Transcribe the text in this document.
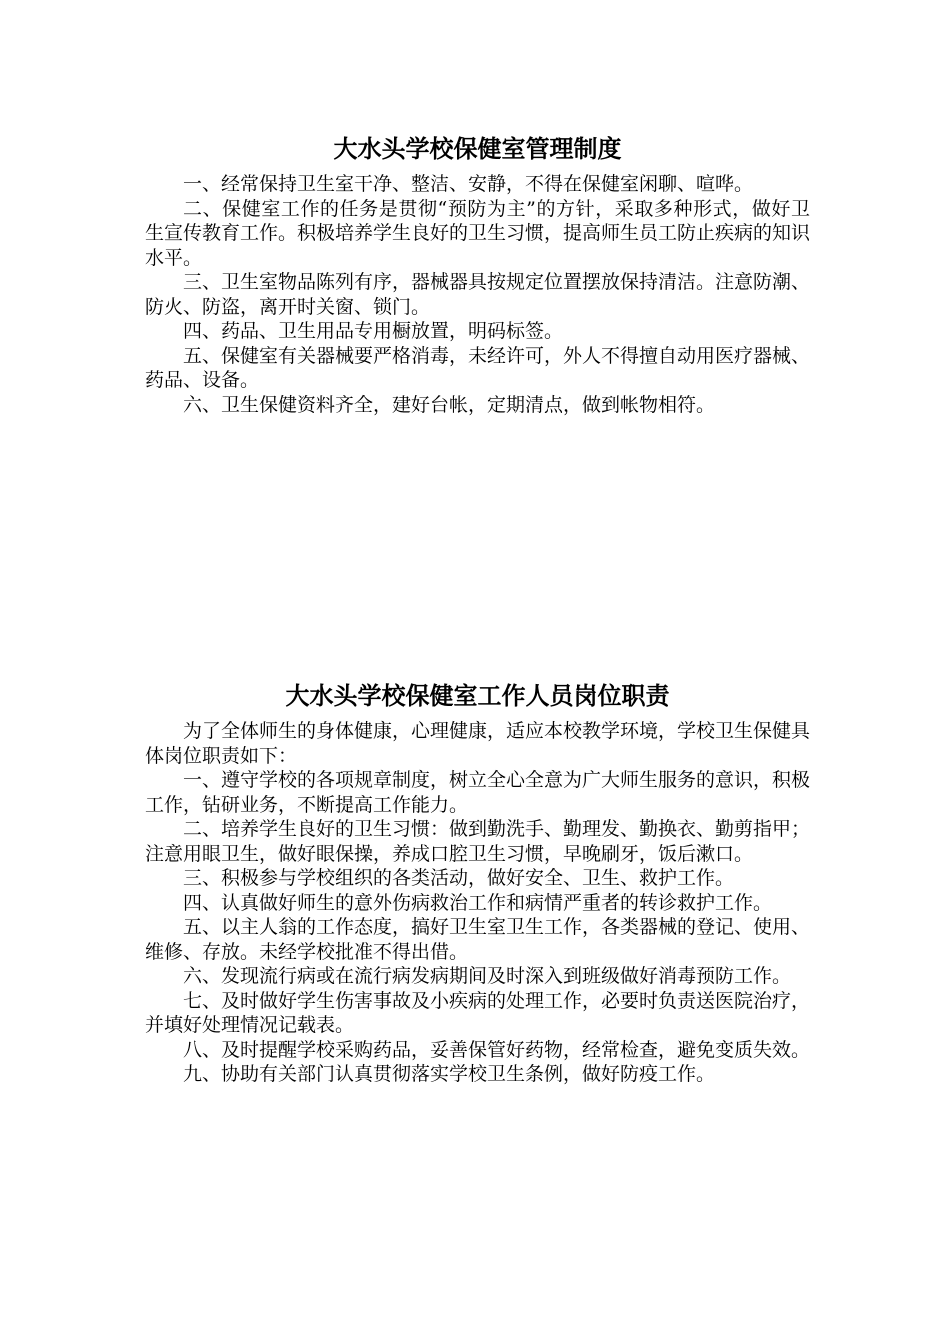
大水头学校保健室管理制度

一、经常保持卫生室干净、整洁、安静，不得在保健室闲聊、喧哗。

二、保健室工作的任务是贯彻“预防为主”的方针，采取多种形式，做好卫生宣传教育工作。积极培养学生良好的卫生习惯，提高师生员工防止疾病的知识水平。

三、卫生室物品陈列有序，器械器具按规定位置摆放保持清洁。注意防潮、防火、防盗，离开时关窗、锁门。

四、药品、卫生用品专用橱放置，明码标签。

五、保健室有关器械要严格消毒，未经许可，外人不得擅自动用医疗器械、药品、设备。

六、卫生保健资料齐全，建好台帐，定期清点，做到帐物相符。

大水头学校保健室工作人员岗位职责

为了全体师生的身体健康，心理健康，适应本校教学环境，学校卫生保健具体岗位职责如下：

一、遵守学校的各项规章制度，树立全心全意为广大师生服务的意识，积极工作，钻研业务，不断提高工作能力。

二、培养学生良好的卫生习惯：做到勤洗手、勤理发、勤换衣、勤剪指甲；注意用眼卫生，做好眼保操，养成口腔卫生习惯，早晚刷牙，饭后漱口。

三、积极参与学校组织的各类活动，做好安全、卫生、救护工作。

四、认真做好师生的意外伤病救治工作和病情严重者的转诊救护工作。

五、以主人翁的工作态度，搞好卫生室卫生工作，各类器械的登记、使用、维修、存放。未经学校批准不得出借。

六、发现流行病或在流行病发病期间及时深入到班级做好消毒预防工作。

七、及时做好学生伤害事故及小疾病的处理工作，必要时负责送医院治疗，并填好处理情况记载表。

八、及时提醒学校采购药品，妥善保管好药物，经常检查，避免变质失效。

九、协助有关部门认真贯彻落实学校卫生条例，做好防疫工作。
